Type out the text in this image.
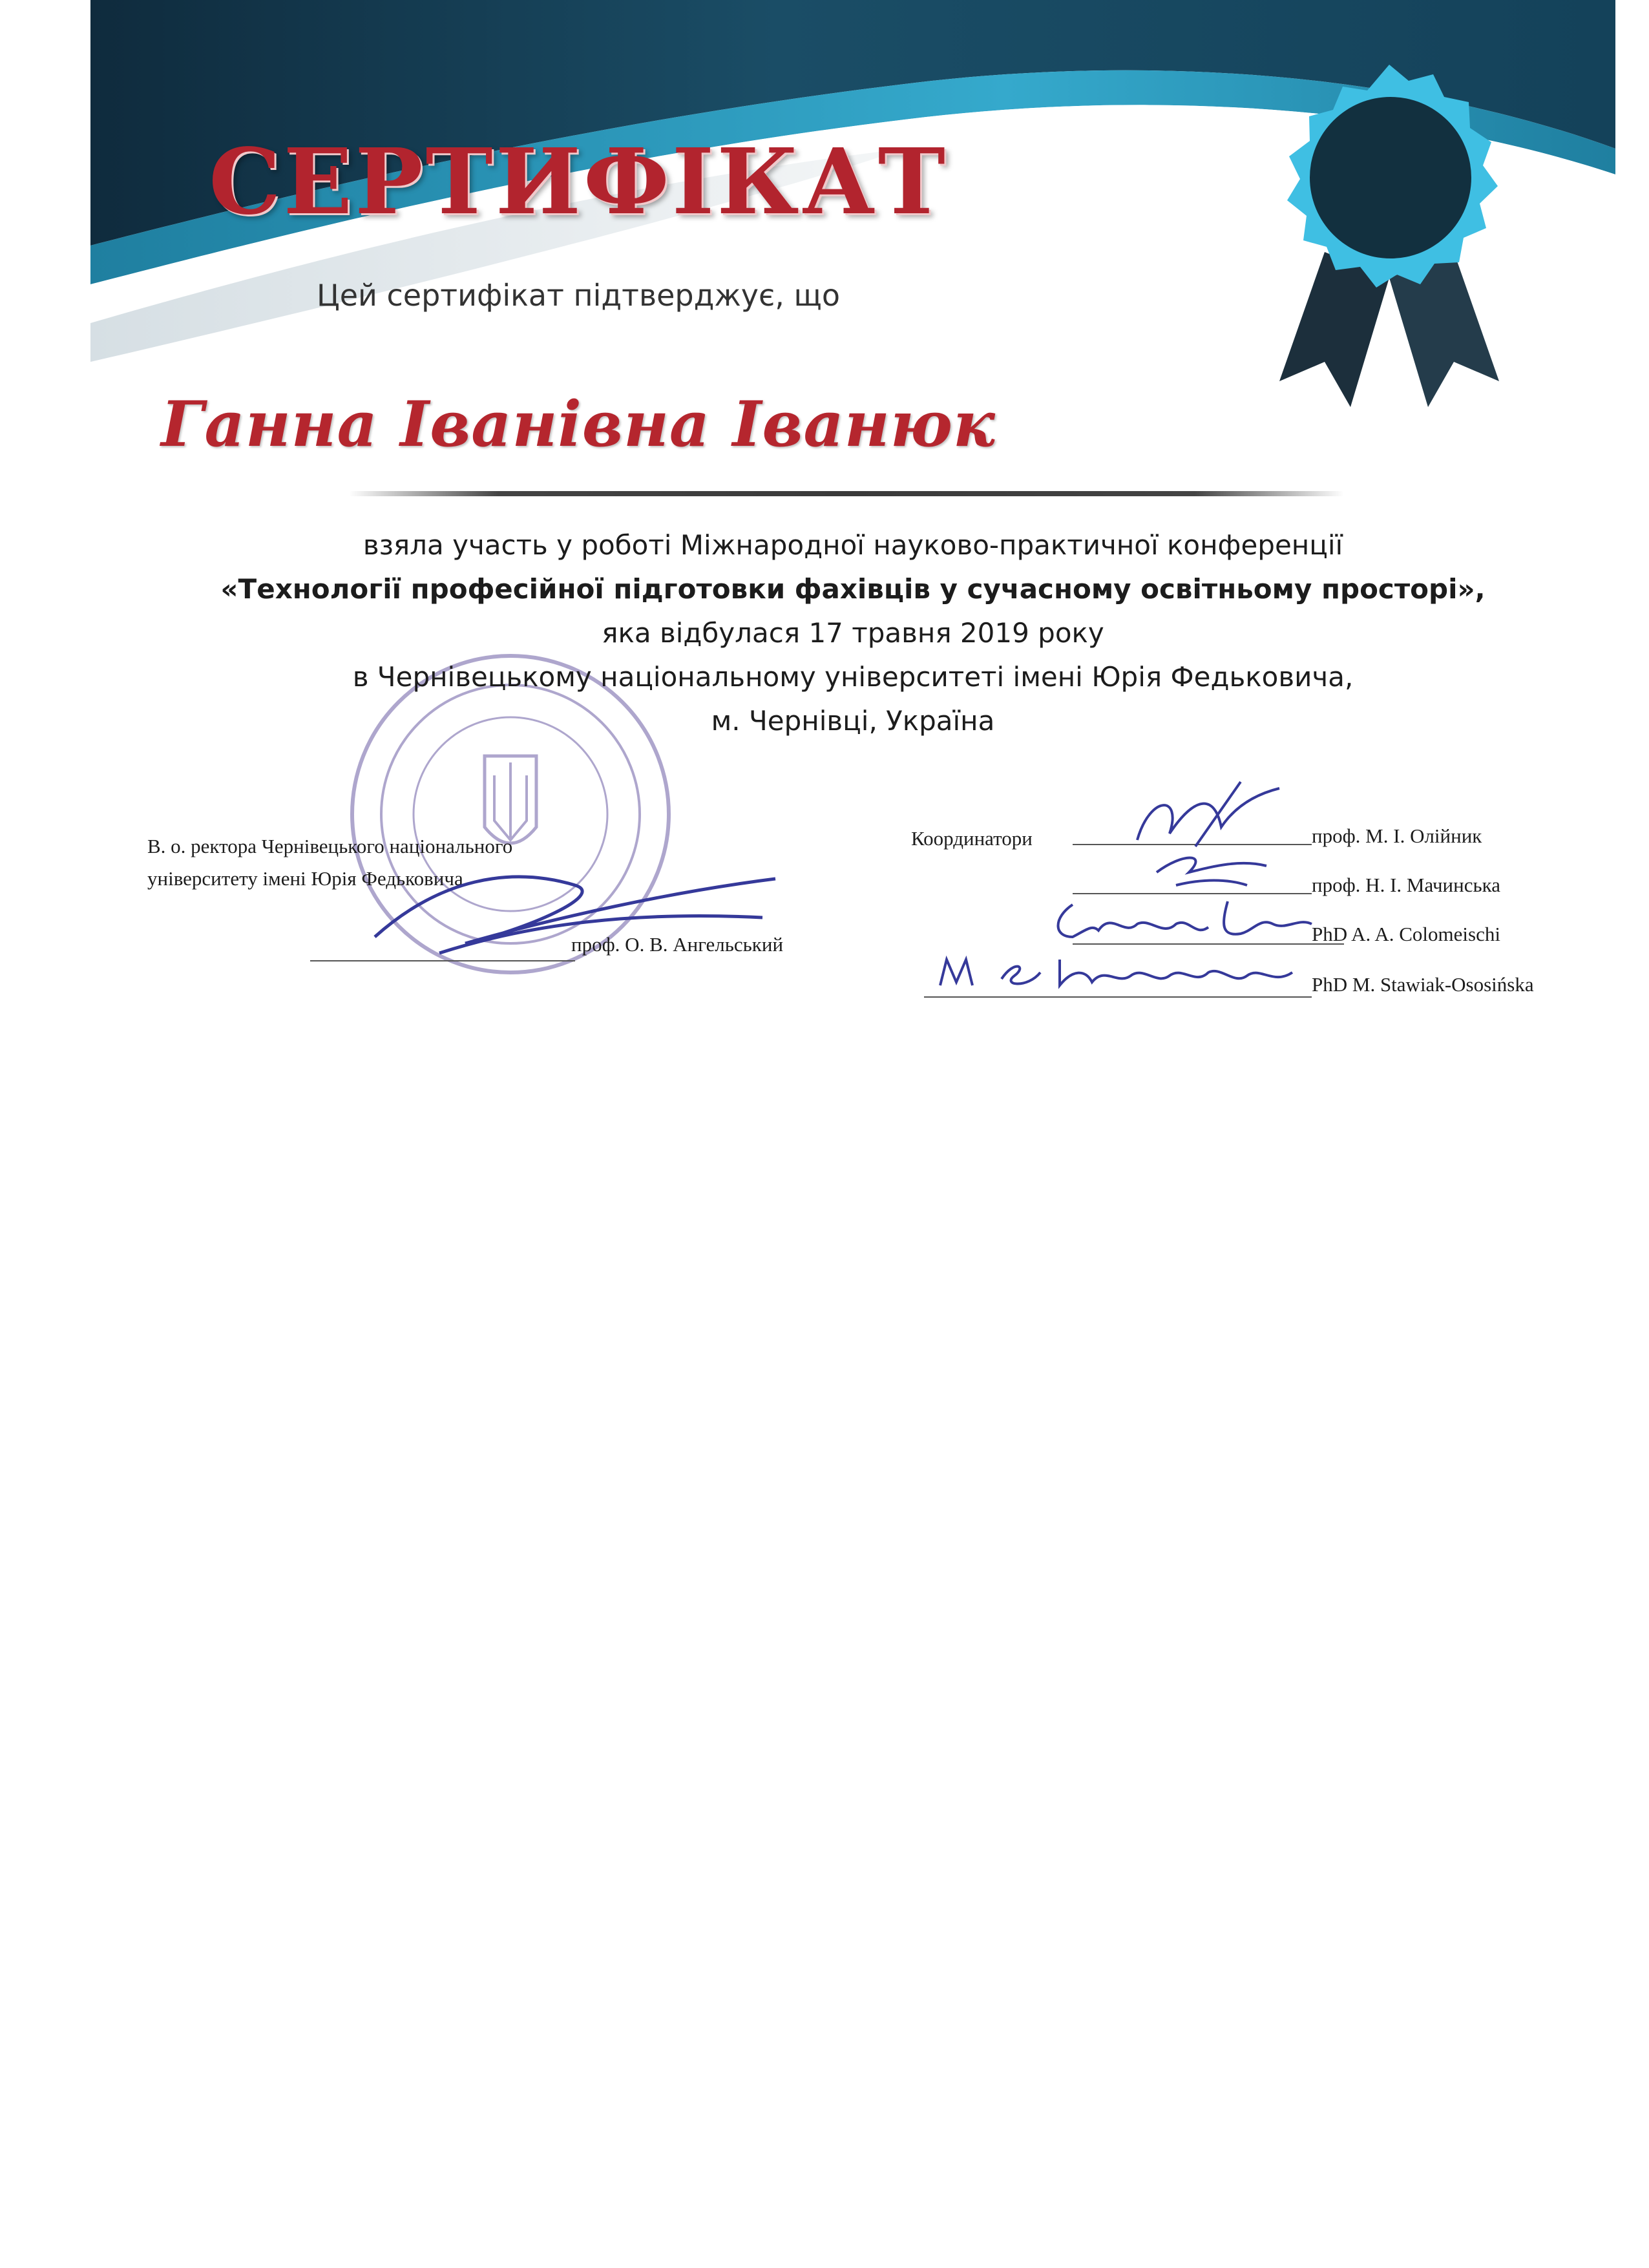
СЕРТИФІКАТ
Цей сертифікат підтверджує, що
Ганна Іванівна Іванюк
взяла участь у роботі Міжнародної науково-практичної конференції
«Технології професійної підготовки фахівців у сучасному освітньому просторі»,
яка відбулася 17 травня 2019 року
в Чернівецькому національному університеті імені Юрія Федьковича,
м. Чернівці, Україна
В. о. ректора Чернівецького національного
університету імені Юрія Федьковича
проф. О. В. Ангельський
Координатори	проф. М. І. Олійник
проф. Н. І. Мачинська
PhD A. A. Colomeischi
PhD M. Stawiak-Ososińska
